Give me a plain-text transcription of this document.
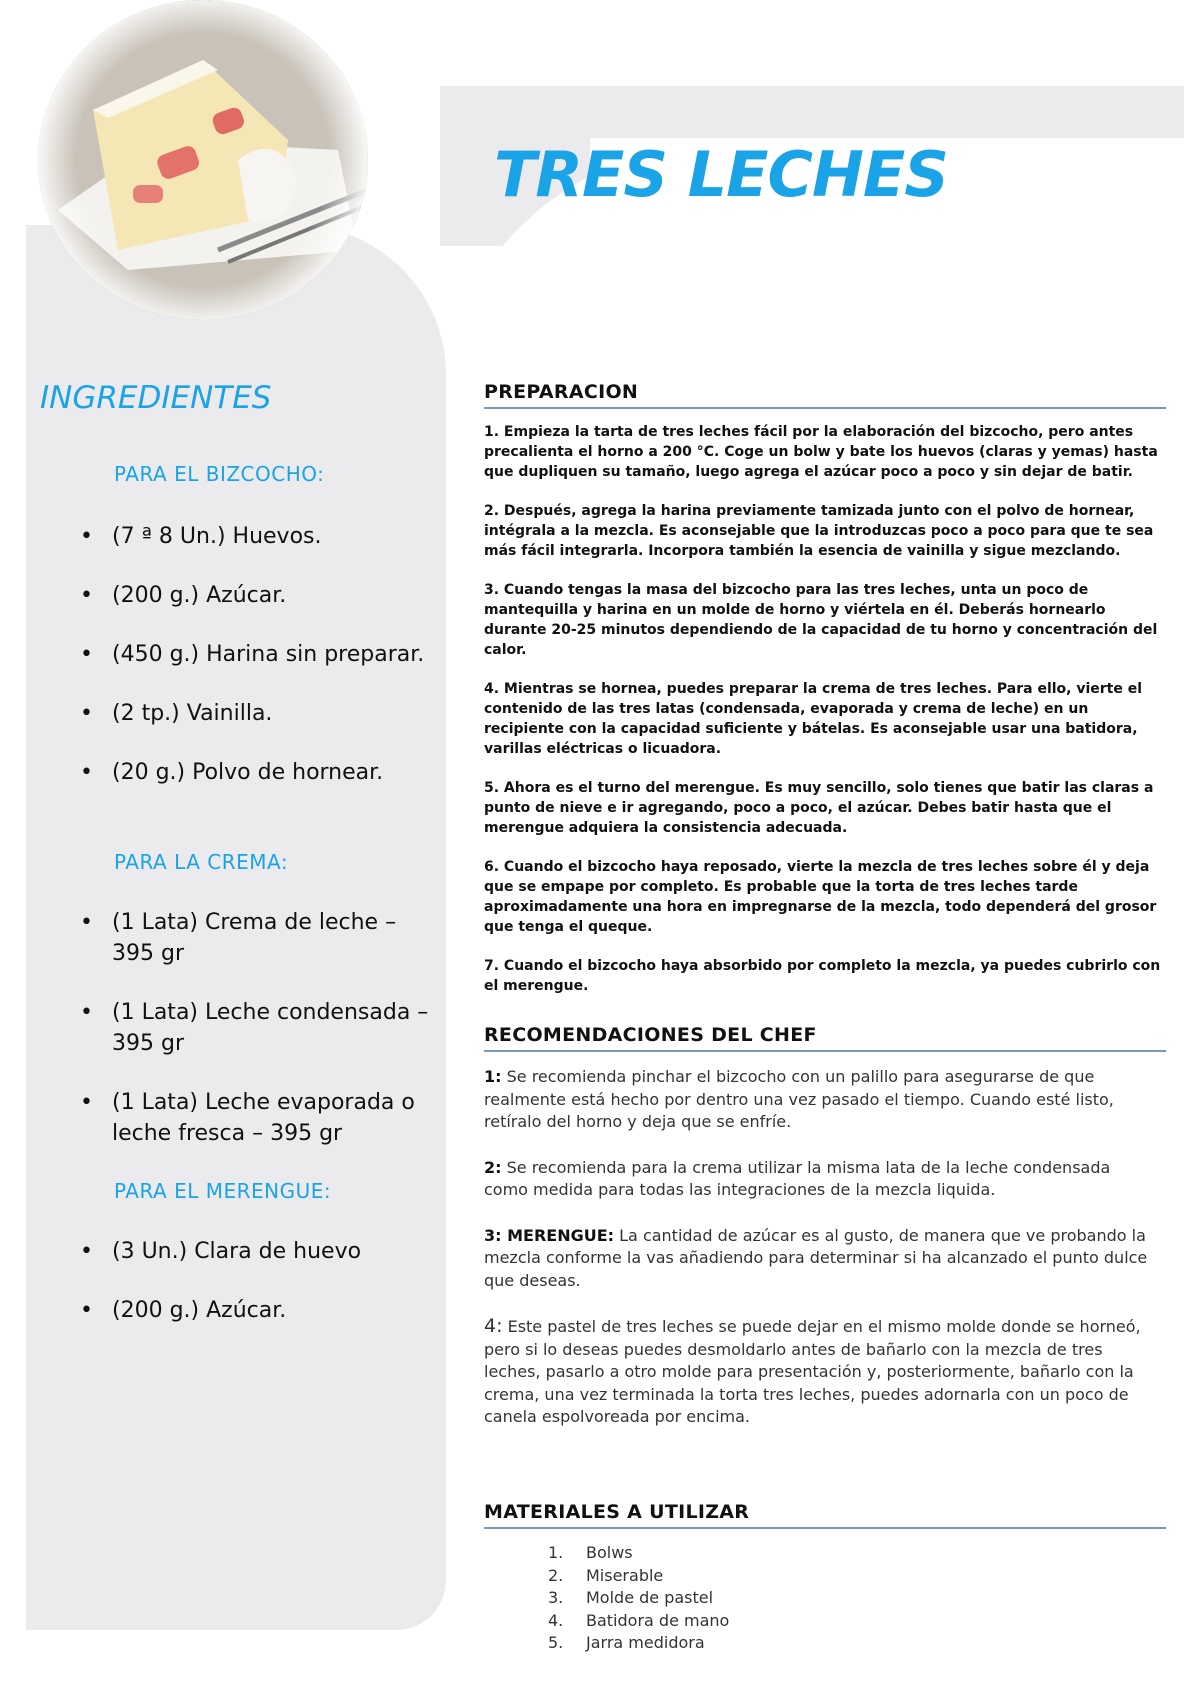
TRES LECHES
INGREDIENTES
PARA EL BIZCOCHO:
• (7 ª 8 Un.) Huevos.
• (200 g.) Azúcar.
• (450 g.) Harina sin preparar.
• (2 tp.) Vainilla.
• (20 g.) Polvo de hornear.
PARA LA CREMA:
• (1 Lata) Crema de leche – 395 gr
• (1 Lata) Leche condensada – 395 gr
• (1 Lata) Leche evaporada o leche fresca – 395 gr
PARA EL MERENGUE:
• (3 Un.) Clara de huevo
• (200 g.) Azúcar.
PREPARACION

1. Empieza la tarta de tres leches fácil por la elaboración del bizcocho, pero antes precalienta el horno a 200 °C. Coge un bolw y bate los huevos (claras y yemas) hasta que dupliquen su tamaño, luego agrega el azúcar poco a poco y sin dejar de batir.

2. Después, agrega la harina previamente tamizada junto con el polvo de hornear, intégrala a la mezcla. Es aconsejable que la introduzcas poco a poco para que te sea más fácil integrarla. Incorpora también la esencia de vainilla y sigue mezclando.

3. Cuando tengas la masa del bizcocho para las tres leches, unta un poco de mantequilla y harina en un molde de horno y viértela en él. Deberás hornearlo durante 20-25 minutos dependiendo de la capacidad de tu horno y concentración del calor.

4. Mientras se hornea, puedes preparar la crema de tres leches. Para ello, vierte el contenido de las tres latas (condensada, evaporada y crema de leche) en un recipiente con la capacidad suficiente y bátelas. Es aconsejable usar una batidora, varillas eléctricas o licuadora.

5. Ahora es el turno del merengue. Es muy sencillo, solo tienes que batir las claras a punto de nieve e ir agregando, poco a poco, el azúcar. Debes batir hasta que el merengue adquiera la consistencia adecuada.

6. Cuando el bizcocho haya reposado, vierte la mezcla de tres leches sobre él y deja que se empape por completo. Es probable que la torta de tres leches tarde aproximadamente una hora en impregnarse de la mezcla, todo dependerá del grosor que tenga el queque.

7. Cuando el bizcocho haya absorbido por completo la mezcla, ya puedes cubrirlo con el merengue.

RECOMENDACIONES DEL CHEF

1: Se recomienda pinchar el bizcocho con un palillo para asegurarse de que realmente está hecho por dentro una vez pasado el tiempo. Cuando esté listo, retíralo del horno y deja que se enfríe.

2: Se recomienda para la crema utilizar la misma lata de la leche condensada como medida para todas las integraciones de la mezcla liquida.

3: MERENGUE: La cantidad de azúcar es al gusto, de manera que ve probando la mezcla conforme la vas añadiendo para determinar si ha alcanzado el punto dulce que deseas.

4: Este pastel de tres leches se puede dejar en el mismo molde donde se horneó, pero si lo deseas puedes desmoldarlo antes de bañarlo con la mezcla de tres leches, pasarlo a otro molde para presentación y, posteriormente, bañarlo con la crema, una vez terminada la torta tres leches, puedes adornarla con un poco de canela espolvoreada por encima.

MATERIALES A UTILIZAR
1. Bolws
2. Miserable
3. Molde de pastel
4. Batidora de mano
5. Jarra medidora
